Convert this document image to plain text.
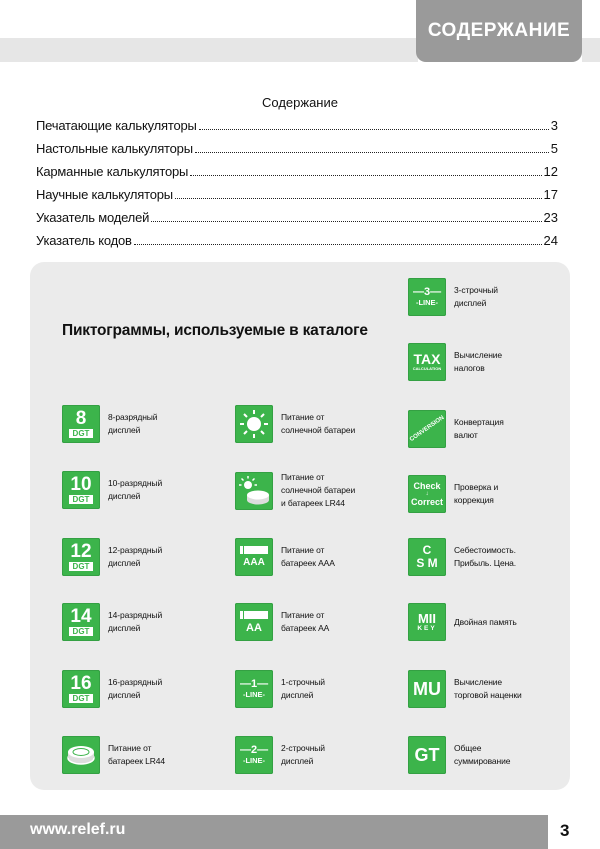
СОДЕРЖАНИЕ
Содержание
Печатающие калькуляторы	3
Настольные калькуляторы	5
Карманные калькуляторы	12
Научные калькуляторы	17
Указатель моделей	23
Указатель кодов	24
Пиктограммы, используемые в каталоге
8
DGT
8-разрядный
дисплей
10
DGT
10-разрядный
дисплей
12
DGT
12-разрядный
дисплей
14
DGT
14-разрядный
дисплей
16
DGT
16-разрядный
дисплей
Питание от
батареек LR44
Питание от
солнечной батареи
Питание от
солнечной батареи
и батареек LR44
AAA
Питание от
батареек AAA
AA
Питание от
батареек AA
—1—
-LINE-
1-строчный
дисплей
—2—
-LINE-
2-строчный
дисплей
—3—
-LINE-
3-строчный
дисплей
TAX
CALCULATION
Вычисление
налогов
CONVERSION Конвертация
валют
Check
↓
Correct
Проверка и
коррекция
C
S M
Себестоимость.
Прибыль. Цена.
MII
KEY
Двойная память
MU Вычисление
торговой наценки
GT Общее
суммирование
www.relef.ru	3
